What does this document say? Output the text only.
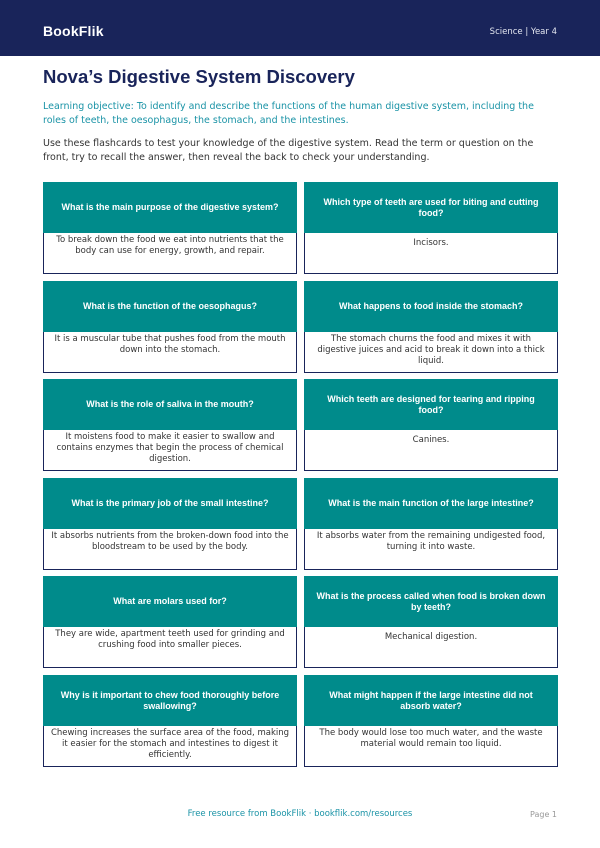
BookFlik	Science | Year 4
Nova’s Digestive System Discovery

Learning objective: To identify and describe the functions of the human digestive system, including the roles of teeth, the oesophagus, the stomach, and the intestines.

Use these flashcards to test your knowledge of the digestive system. Read the term or question on the front, try to recall the answer, then reveal the back to check your understanding.

What is the main purpose of the digestive system?
To break down the food we eat into nutrients that the body can use for energy, growth, and repair.
Which type of teeth are used for biting and cutting food?
Incisors.
What is the function of the oesophagus?
It is a muscular tube that pushes food from the mouth down into the stomach.
What happens to food inside the stomach?
The stomach churns the food and mixes it with digestive juices and acid to break it down into a thick liquid.
What is the role of saliva in the mouth?
It moistens food to make it easier to swallow and contains enzymes that begin the process of chemical digestion.
Which teeth are designed for tearing and ripping food?
Canines.
What is the primary job of the small intestine?
It absorbs nutrients from the broken-down food into the bloodstream to be used by the body.
What is the main function of the large intestine?
It absorbs water from the remaining undigested food, turning it into waste.
What are molars used for?
They are wide, apartment teeth used for grinding and crushing food into smaller pieces.
What is the process called when food is broken down by teeth?
Mechanical digestion.
Why is it important to chew food thoroughly before swallowing?
Chewing increases the surface area of the food, making it easier for the stomach and intestines to digest it efficiently.
What might happen if the large intestine did not absorb water?
The body would lose too much water, and the waste material would remain too liquid.
Free resource from BookFlik · bookflik.com/resources	Page 1
